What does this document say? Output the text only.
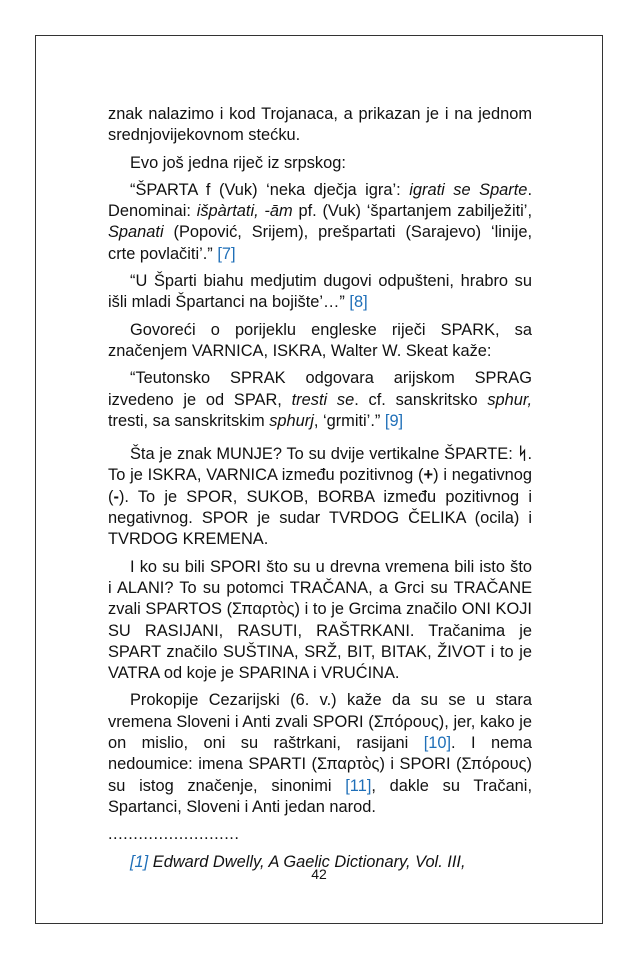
znak nalazimo i kod Trojanaca, a prikazan je i na jednom srednjovijekovnom stećku.

Evo još jedna riječ iz srpskog:

“ŠPARTA f (Vuk) ‘neka dječja igra’: igrati se Sparte. Denominai: išpàrtati, -ām pf. (Vuk) ‘špartanjem zabilježiti’, Spanati (Popović, Srijem), prešpartati (Sarajevo) ‘linije, crte povlačiti’.” [7]

“U Šparti biahu medjutim dugovi odpušteni, hrabro su išli mladi Špartanci na bojište’…” [8]

Govoreći o porijeklu engleske riječi SPARK, sa značenjem VARNICA, ISKRA, Walter W. Skeat kaže:

“Teutonsko SPRAK odgovara arijskom SPRAG izvedeno je od SPAR, tresti se. cf. sanskritsko sphur, tresti, sa sanskritskim sphurj, ‘grmiti’.” [9]

Šta je znak MUNJE? To su dvije vertikalne ŠPARTE: ᛋ. To je ISKRA, VARNICA između pozitivnog (+) i negativnog (-). To je SPOR, SUKOB, BORBA između pozitivnog i negativnog. SPOR je sudar TVRDOG ČELIKA (ocila) i TVRDOG KREMENA.

I ko su bili SPORI što su u drevna vremena bili isto što i ALANI? To su potomci TRAČANA, a Grci su TRAČANE zvali SPARTOS (Σπαρτὸς) i to je Grcima značilo ONI KOJI SU RASIJANI, RASUTI, RAŠTRKANI. Tračanima je SPART značilo SUŠTINA, SRŽ, BIT, BITAK, ŽIVOT i to je VATRA od koje je SPARINA i VRUĆINA.

Prokopije Cezarijski (6. v.) kaže da su se u stara vremena Sloveni i Anti zvali SPORI (Σπόρους), jer, kako je on mislio, oni su raštrkani, rasijani [10]. I nema nedoumice: imena SPARTI (Σπαρτὸς) i SPORI (Σπόρους) su istog značenje, sinonimi [11], dakle su Tračani, Spartanci, Sloveni i Anti jedan narod.

..........................

[1] Edward Dwelly, A Gaelic Dictionary, Vol. III,

42
